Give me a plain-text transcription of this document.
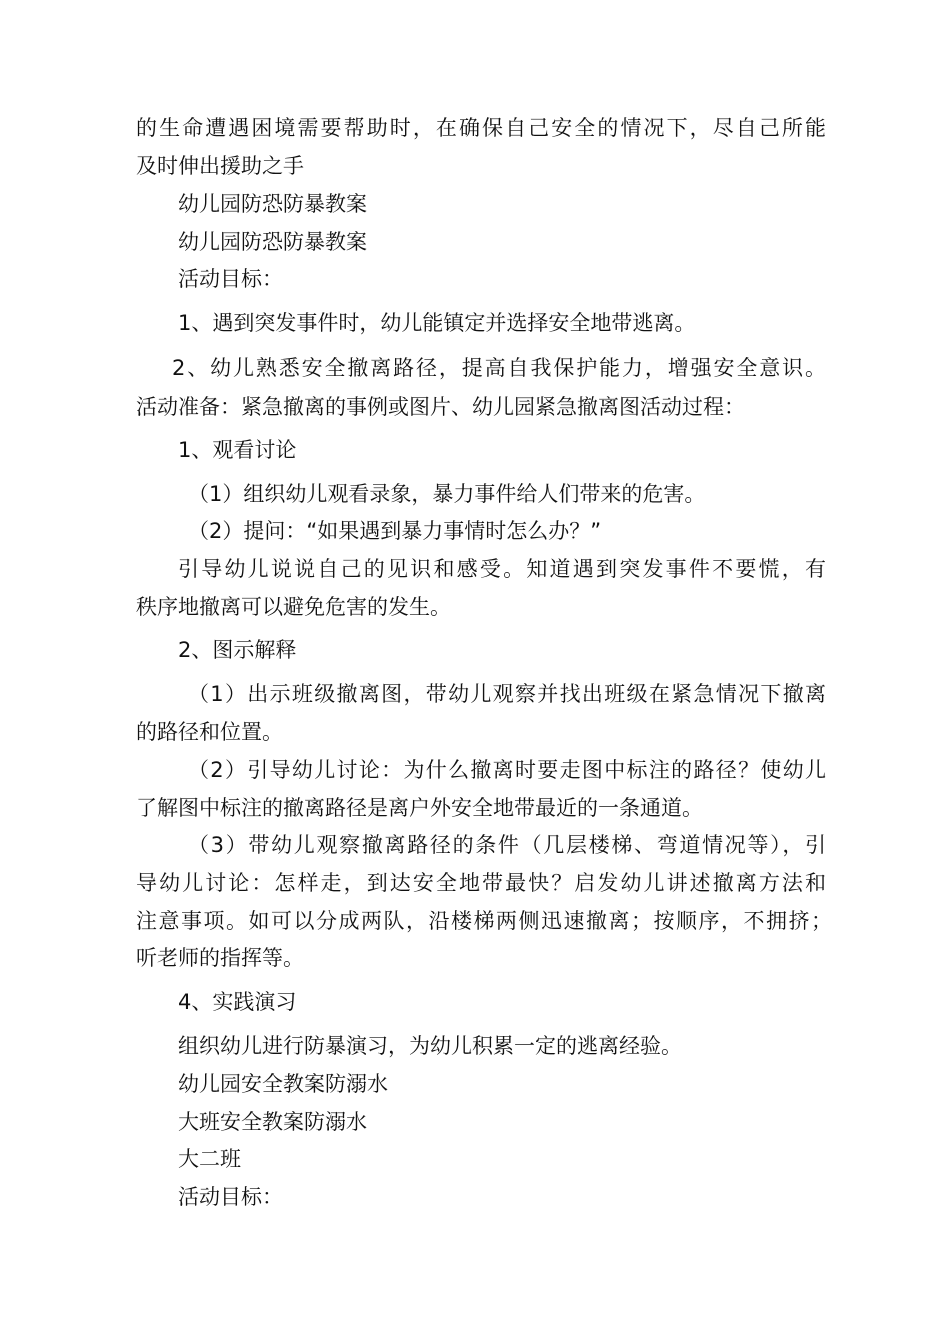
的生命遭遇困境需要帮助时，在确保自己安全的情况下，尽自己所能
及时伸出援助之手
幼儿园防恐防暴教案
幼儿园防恐防暴教案
活动目标：
1、遇到突发事件时，幼儿能镇定并选择安全地带逃离。
2、幼儿熟悉安全撤离路径，提高自我保护能力，增强安全意识。
活动准备：紧急撤离的事例或图片、幼儿园紧急撤离图活动过程：
1、观看讨论
（1）组织幼儿观看录象，暴力事件给人们带来的危害。
（2）提问：“如果遇到暴力事情时怎么办？”
引导幼儿说说自己的见识和感受。知道遇到突发事件不要慌，有
秩序地撤离可以避免危害的发生。
2、图示解释
（1）出示班级撤离图，带幼儿观察并找出班级在紧急情况下撤离
的路径和位置。
（2）引导幼儿讨论：为什么撤离时要走图中标注的路径？使幼儿
了解图中标注的撤离路径是离户外安全地带最近的一条通道。
（3）带幼儿观察撤离路径的条件（几层楼梯、弯道情况等），引
导幼儿讨论：怎样走，到达安全地带最快？启发幼儿讲述撤离方法和
注意事项。如可以分成两队，沿楼梯两侧迅速撤离；按顺序，不拥挤；
听老师的指挥等。
4、实践演习
组织幼儿进行防暴演习，为幼儿积累一定的逃离经验。
幼儿园安全教案防溺水
大班安全教案防溺水
大二班
活动目标：
